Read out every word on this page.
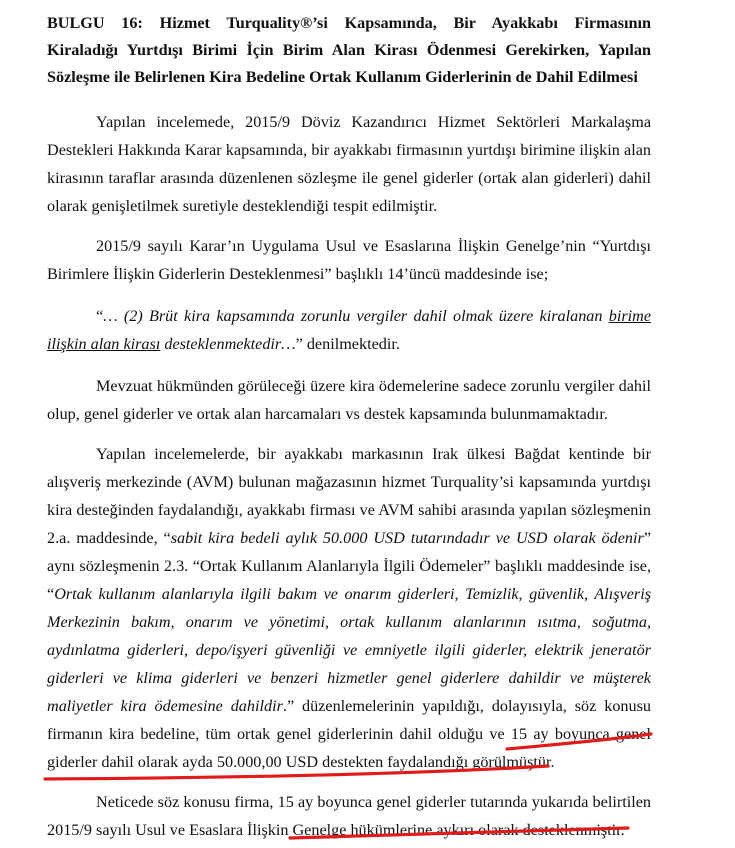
BULGU 16: Hizmet Turquality®’si Kapsamında, Bir Ayakkabı Firmasının
Kiraladığı Yurtdışı Birimi İçin Birim Alan Kirası Ödenmesi Gerekirken, Yapılan
Sözleşme ile Belirlenen Kira Bedeline Ortak Kullanım Giderlerinin de Dahil Edilmesi
Yapılan incelemede, 2015/9 Döviz Kazandırıcı Hizmet Sektörleri Markalaşma
Destekleri Hakkında Karar kapsamında, bir ayakkabı firmasının yurtdışı birimine ilişkin alan
kirasının taraflar arasında düzenlenen sözleşme ile genel giderler (ortak alan giderleri) dahil
olarak genişletilmek suretiyle desteklendiği tespit edilmiştir.
2015/9 sayılı Karar’ın Uygulama Usul ve Esaslarına İlişkin Genelge’nin “Yurtdışı
Birimlere İlişkin Giderlerin Desteklenmesi” başlıklı 14’üncü maddesinde ise;
“… (2) Brüt kira kapsamında zorunlu vergiler dahil olmak üzere kiralanan birime
ilişkin alan kirası desteklenmektedir…” denilmektedir.
Mevzuat hükmünden görüleceği üzere kira ödemelerine sadece zorunlu vergiler dahil
olup, genel giderler ve ortak alan harcamaları vs destek kapsamında bulunmamaktadır.
Yapılan incelemelerde, bir ayakkabı markasının Irak ülkesi Bağdat kentinde bir
alışveriş merkezinde (AVM) bulunan mağazasının hizmet Turquality’si kapsamında yurtdışı
kira desteğinden faydalandığı, ayakkabı firması ve AVM sahibi arasında yapılan sözleşmenin
2.a. maddesinde, “sabit kira bedeli aylık 50.000 USD tutarındadır ve USD olarak ödenir”
aynı sözleşmenin 2.3. “Ortak Kullanım Alanlarıyla İlgili Ödemeler” başlıklı maddesinde ise,
“Ortak kullanım alanlarıyla ilgili bakım ve onarım giderleri, Temizlik, güvenlik, Alışveriş
Merkezinin bakım, onarım ve yönetimi, ortak kullanım alanlarının ısıtma, soğutma,
aydınlatma giderleri, depo/işyeri güvenliği ve emniyetle ilgili giderler, elektrik jeneratör
giderleri ve klima giderleri ve benzeri hizmetler genel giderlere dahildir ve müşterek
maliyetler kira ödemesine dahildir.” düzenlemelerinin yapıldığı, dolayısıyla, söz konusu
firmanın kira bedeline, tüm ortak genel giderlerinin dahil olduğu ve 15 ay boyunca genel
giderler dahil olarak ayda 50.000,00 USD destekten faydalandığı görülmüştür.
Neticede söz konusu firma, 15 ay boyunca genel giderler tutarında yukarıda belirtilen
2015/9 sayılı Usul ve Esaslara İlişkin Genelge hükümlerine aykırı olarak desteklenmiştir.
